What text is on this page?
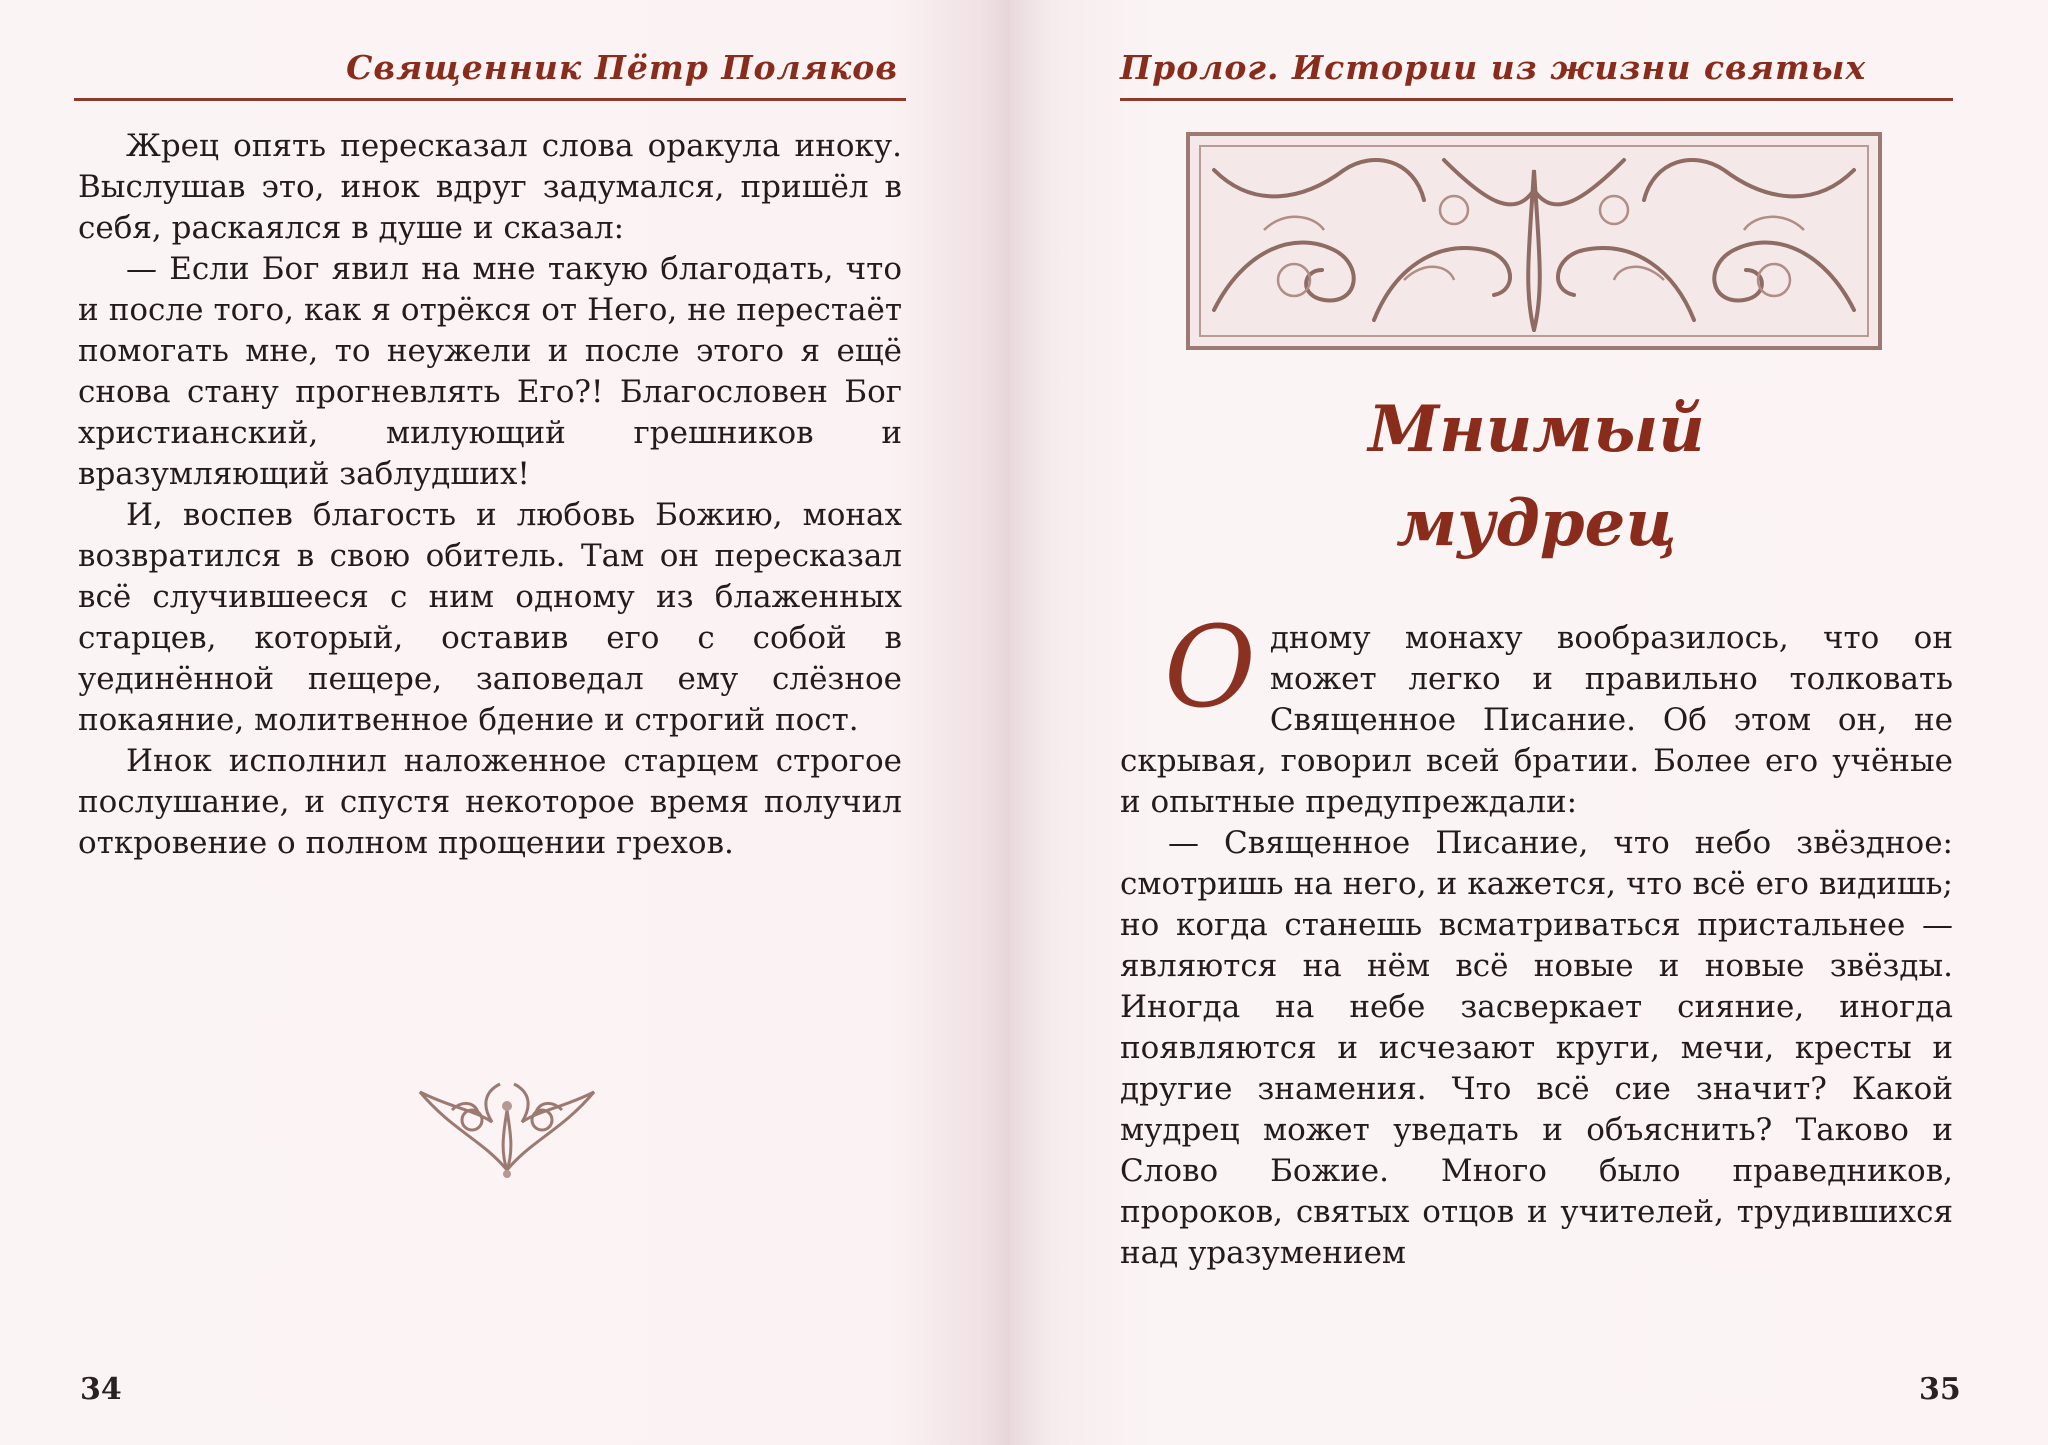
Священник Пётр Поляков

Жрец опять пересказал слова оракула иноку. Выслушав это, инок вдруг задумался, пришёл в себя, раскаялся в душе и сказал:

— Если Бог явил на мне такую благодать, что и после того, как я отрёкся от Него, не перестаёт помогать мне, то неужели и после этого я ещё снова стану прогневлять Его?! Благословен Бог христианский, милующий грешников и вразумляющий заблудших!

И, воспев благость и любовь Божию, монах возвратился в свою обитель. Там он пересказал всё случившееся с ним одному из блаженных старцев, который, оставив его с собой в уединённой пещере, заповедал ему слёзное покаяние, молитвенное бдение и строгий пост.

Инок исполнил наложенное старцем строгое послушание, и спустя некоторое время получил откровение о полном прощении грехов.

34
Пролог. Истории из жизни святых
Мнимый
мудрец

Одному монаху вообразилось, что он может легко и правильно толковать Священное Писание. Об этом он, не скрывая, говорил всей братии. Более его учёные и опытные предупреждали:

— Священное Писание, что небо звёздное: смотришь на него, и кажется, что всё его видишь; но когда станешь всматриваться пристальнее — являются на нём всё новые и новые звёзды. Иногда на небе засверкает сияние, иногда появляются и исчезают круги, мечи, кресты и другие знамения. Что всё сие значит? Какой мудрец может уведать и объяснить? Таково и Слово Божие. Много было праведников, пророков, святых отцов и учителей, трудившихся над уразумением

35
